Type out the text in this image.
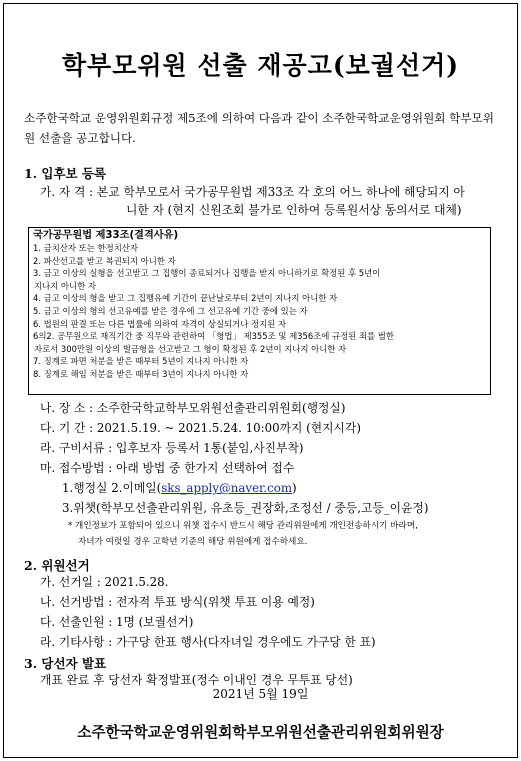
학부모위원 선출 재공고(보궐선거)
소주한국학교 운영위원회규정 제5조에 의하여 다음과 같이 소주한국학교운영위원회 학부모위원 선출을 공고합니다.
1. 입후보 등록
가. 자 격 : 본교 학부모로서 국가공무원법 제33조 각 호의 어느 하나에 해당되지 아
니한 자 (현지 신원조회 불가로 인하여 등록원서상 동의서로 대체)
국가공무원법 제33조(결격사유)
1. 금치산자 또는 한정치산자
2. 파산선고를 받고 복권되지 아니한 자
3. 금고 이상의 실형을 선고받고 그 집행이 종료되거나 집행을 받지 아니하기로 확정된 후 5년이
지나지 아니한 자
4. 금고 이상의 형을 받고 그 집행유예 기간이 끝난날로부터 2년이 지나지 아니한 자
5. 금고 이상의 형의 선고유예를 받은 경우에 그 선고유예 기간 중에 있는 자
6. 법원의 판결 또는 다른 법률에 의하여 자격이 상실되거나 정지된 자
6의2. 공무원으로 재직기간 중 직무와 관련하여 「형법」 제355조 및 제356조에 규정된 죄를 범한
자로서 300만원 이상의 벌금형을 선고받고 그 형이 확정된 후 2년이 지나지 아니한 자
7. 징계로 파면 처분을 받은 때부터 5년이 지나지 아니한 자
8. 징계로 해임 처분을 받은 때부터 3년이 지나지 아니한 자
나. 장 소 : 소주한국학교학부모위원선출관리위원회(행정실)
다. 기 간 : 2021.5.19. ~ 2021.5.24. 10:00까지 (현지시각)
라. 구비서류 : 입후보자 등록서 1통(붙임,사진부착)
마. 접수방법 : 아래 방법 중 한가지 선택하여 접수
1.행정실 2.이메일(sks_apply@naver.com)
3.위챗(학부모선출관리위원, 유초등_권장화,조정선 / 중등,고등_이윤정)
* 개인정보가 포함되어 있으니 위챗 접수시 반드시 해당 관리위원에게 개인전송하시기 바라며,
자녀가 여럿일 경우 고학년 기준의 해당 위원에게 접수하세요.
2. 위원선거
가. 선거일 : 2021.5.28.
나. 선거방법 : 전자적 투표 방식(위챗 투표 이용 예정)
다. 선출인원 : 1명 (보궐선거)
라. 기타사항 : 가구당 한표 행사(다자녀일 경우에도 가구당 한 표)
3. 당선자 발표
개표 완료 후 당선자 확정발표(정수 이내인 경우 무투표 당선)
2021년 5월 19일
소주한국학교운영위원회학부모위원선출관리위원회위원장
